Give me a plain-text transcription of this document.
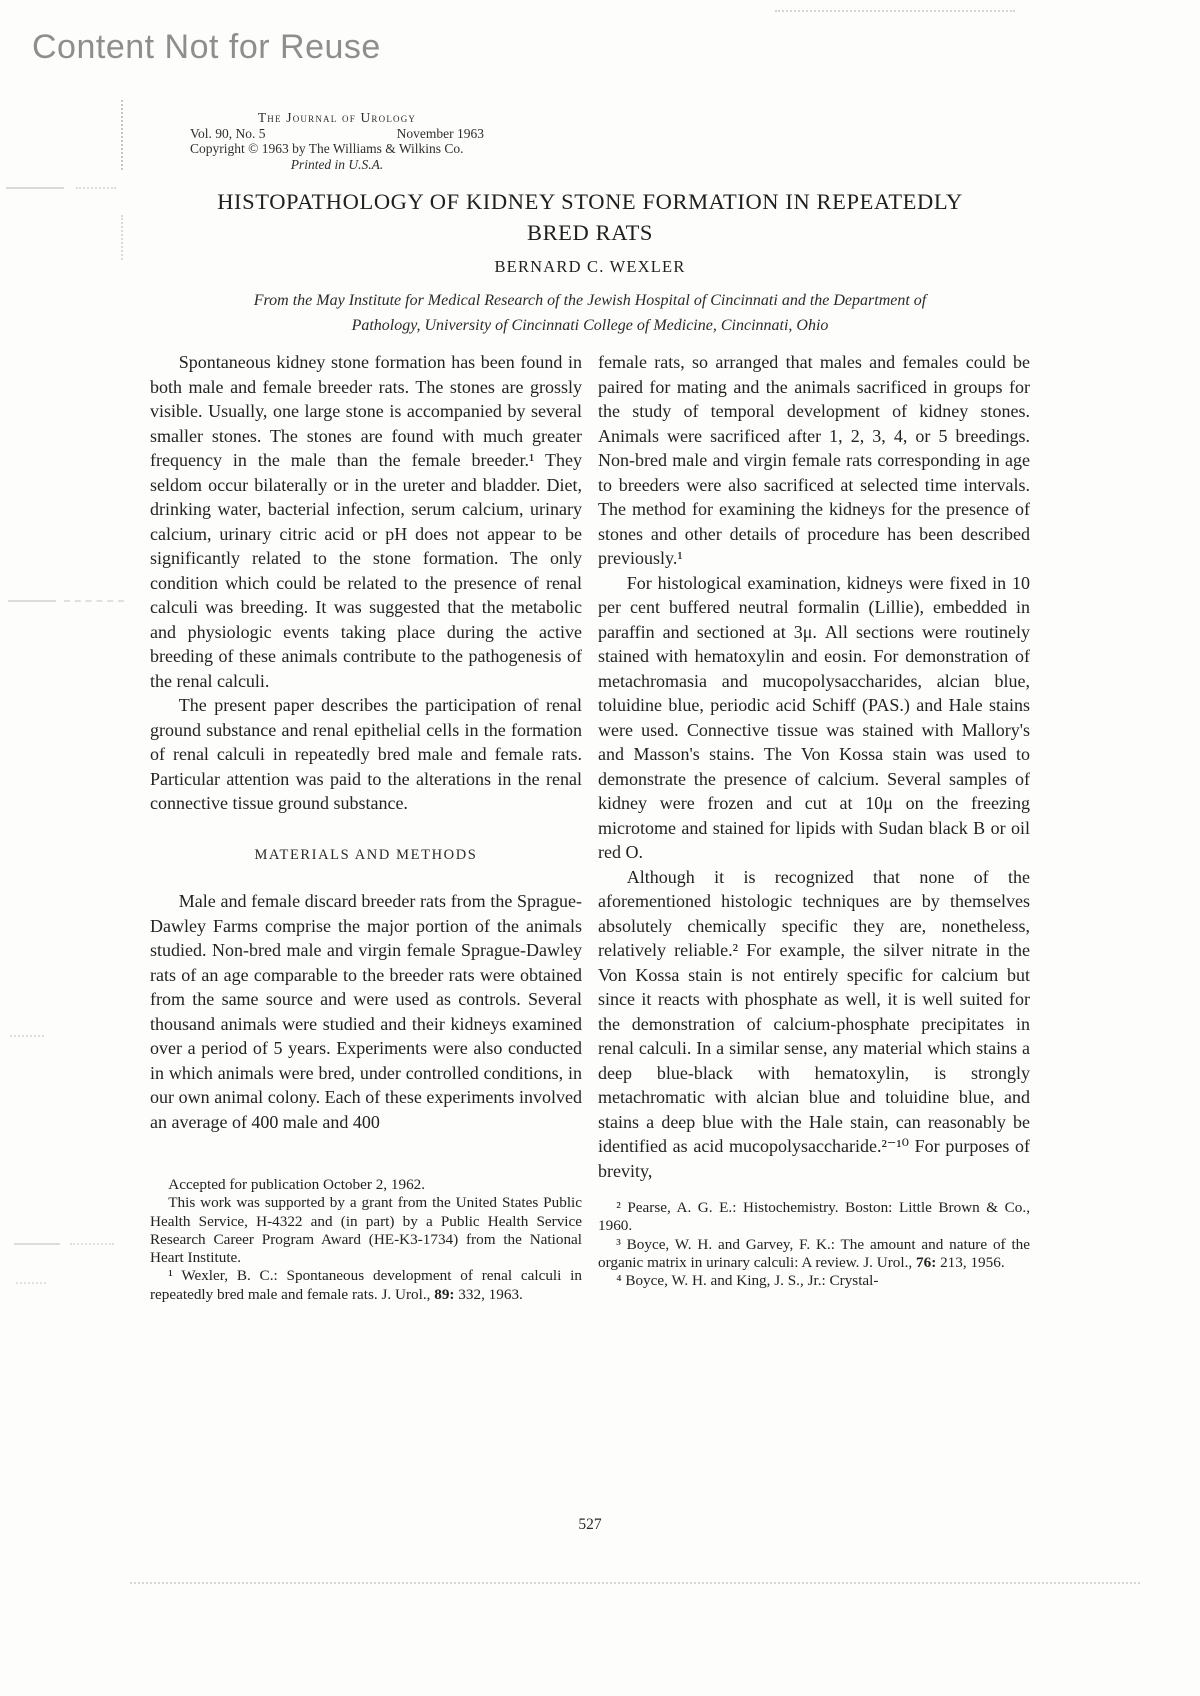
Content Not for Reuse
The Journal of Urology
Vol. 90, No. 5	November 1963
Copyright © 1963 by The Williams & Wilkins Co.
Printed in U.S.A.
HISTOPATHOLOGY OF KIDNEY STONE FORMATION IN REPEATEDLY
BRED RATS
BERNARD C. WEXLER
From the May Institute for Medical Research of the Jewish Hospital of Cincinnati and the Department of
Pathology, University of Cincinnati College of Medicine, Cincinnati, Ohio

Spontaneous kidney stone formation has been found in both male and female breeder rats. The stones are grossly visible. Usually, one large stone is accompanied by several smaller stones. The stones are found with much greater frequency in the male than the female breeder.¹ They seldom occur bilaterally or in the ureter and bladder. Diet, drinking water, bacterial infection, serum calcium, urinary calcium, urinary citric acid or pH does not appear to be significantly related to the stone formation. The only condition which could be related to the presence of renal calculi was breeding. It was suggested that the metabolic and physiologic events taking place during the active breeding of these animals contribute to the pathogenesis of the renal calculi.

The present paper describes the participation of renal ground substance and renal epithelial cells in the formation of renal calculi in repeatedly bred male and female rats. Particular attention was paid to the alterations in the renal connective tissue ground substance.

MATERIALS AND METHODS

Male and female discard breeder rats from the Sprague-Dawley Farms comprise the major portion of the animals studied. Non-bred male and virgin female Sprague-Dawley rats of an age comparable to the breeder rats were obtained from the same source and were used as controls. Several thousand animals were studied and their kidneys examined over a period of 5 years. Experiments were also conducted in which animals were bred, under controlled conditions, in our own animal colony. Each of these experiments involved an average of 400 male and 400

Accepted for publication October 2, 1962.

This work was supported by a grant from the United States Public Health Service, H-4322 and (in part) by a Public Health Service Research Career Program Award (HE-K3-1734) from the National Heart Institute.

¹ Wexler, B. C.: Spontaneous development of renal calculi in repeatedly bred male and female rats. J. Urol., 89: 332, 1963.

female rats, so arranged that males and females could be paired for mating and the animals sacrificed in groups for the study of temporal development of kidney stones. Animals were sacrificed after 1, 2, 3, 4, or 5 breedings. Non-bred male and virgin female rats corresponding in age to breeders were also sacrificed at selected time intervals. The method for examining the kidneys for the presence of stones and other details of procedure has been described previously.¹

For histological examination, kidneys were fixed in 10 per cent buffered neutral formalin (Lillie), embedded in paraffin and sectioned at 3μ. All sections were routinely stained with hematoxylin and eosin. For demonstration of metachromasia and mucopolysaccharides, alcian blue, toluidine blue, periodic acid Schiff (PAS.) and Hale stains were used. Connective tissue was stained with Mallory's and Masson's stains. The Von Kossa stain was used to demonstrate the presence of calcium. Several samples of kidney were frozen and cut at 10μ on the freezing microtome and stained for lipids with Sudan black B or oil red O.

Although it is recognized that none of the aforementioned histologic techniques are by themselves absolutely chemically specific they are, nonetheless, relatively reliable.² For example, the silver nitrate in the Von Kossa stain is not entirely specific for calcium but since it reacts with phosphate as well, it is well suited for the demonstration of calcium-phosphate precipitates in renal calculi. In a similar sense, any material which stains a deep blue-black with hematoxylin, is strongly metachromatic with alcian blue and toluidine blue, and stains a deep blue with the Hale stain, can reasonably be identified as acid mucopolysaccharide.²⁻¹⁰ For purposes of brevity,

² Pearse, A. G. E.: Histochemistry. Boston: Little Brown & Co., 1960.

³ Boyce, W. H. and Garvey, F. K.: The amount and nature of the organic matrix in urinary calculi: A review. J. Urol., 76: 213, 1956.

⁴ Boyce, W. H. and King, J. S., Jr.: Crystal-

527
